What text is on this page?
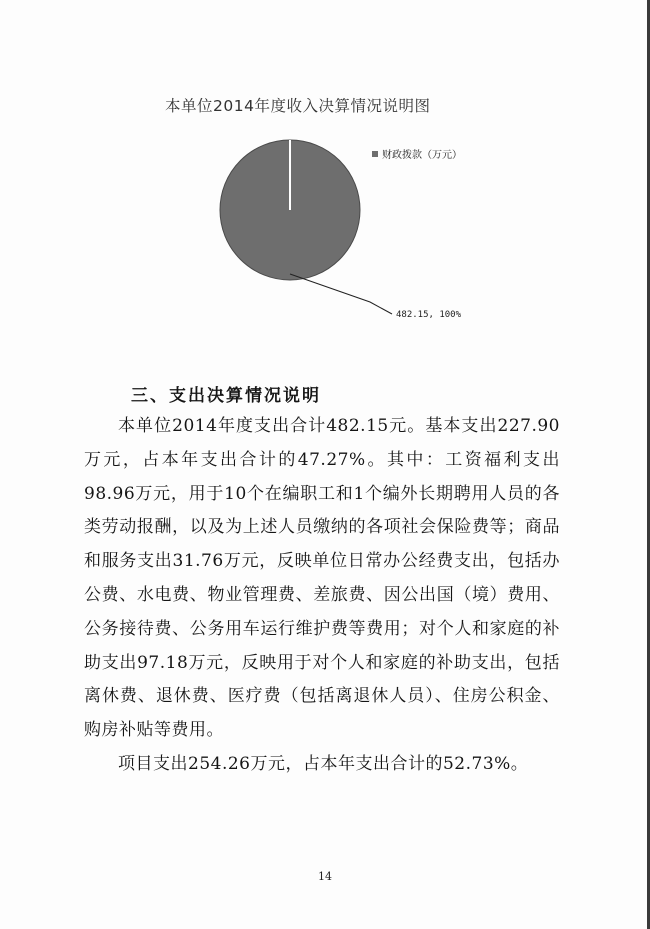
本单位2014年度收入决算情况说明图
482.15, 100%
财政拨款（万元）
三、支出决算情况说明

本单位2014年度支出合计482.15元。基本支出227.90万元，占本年支出合计的47.27%。其中：工资福利支出98.96万元，用于10个在编职工和1个编外长期聘用人员的各类劳动报酬，以及为上述人员缴纳的各项社会保险费等；商品和服务支出31.76万元，反映单位日常办公经费支出，包括办公费、水电费、物业管理费、差旅费、因公出国（境）费用、公务接待费、公务用车运行维护费等费用；对个人和家庭的补助支出97.18万元，反映用于对个人和家庭的补助支出，包括离休费、退休费、医疗费（包括离退休人员）、住房公积金、购房补贴等费用。

项目支出254.26万元，占本年支出合计的52.73%。

14
